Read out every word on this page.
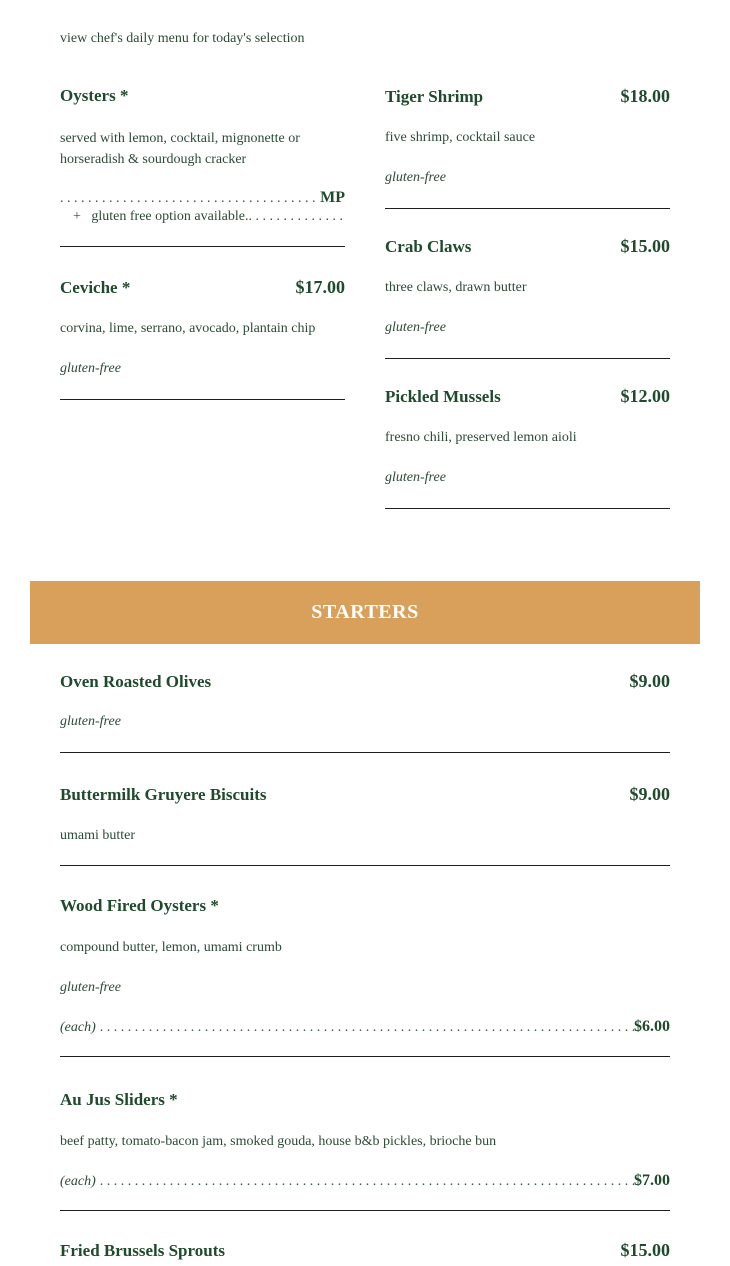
view chef's daily menu for today's selection
Oysters *
served with lemon, cocktail, mignonette or horseradish & sourdough cracker
. . .
MP
+   gluten free option available.
. . .
Ceviche *	$17.00
corvina, lime, serrano, avocado, plantain chip
gluten-free
Tiger Shrimp	$18.00
five shrimp, cocktail sauce
gluten-free
Crab Claws	$15.00
three claws, drawn butter
gluten-free
Pickled Mussels	$12.00
fresno chili, preserved lemon aioli
gluten-free
STARTERS
Oven Roasted Olives	$9.00
gluten-free
Buttermilk Gruyere Biscuits	$9.00
umami butter
Wood Fired Oysters *
compound butter, lemon, umami crumb
gluten-free
(each) . . .	$6.00
Au Jus Sliders *
beef patty, tomato-bacon jam, smoked gouda, house b&b pickles, brioche bun
(each) . . .	$7.00
Fried Brussels Sprouts	$15.00
